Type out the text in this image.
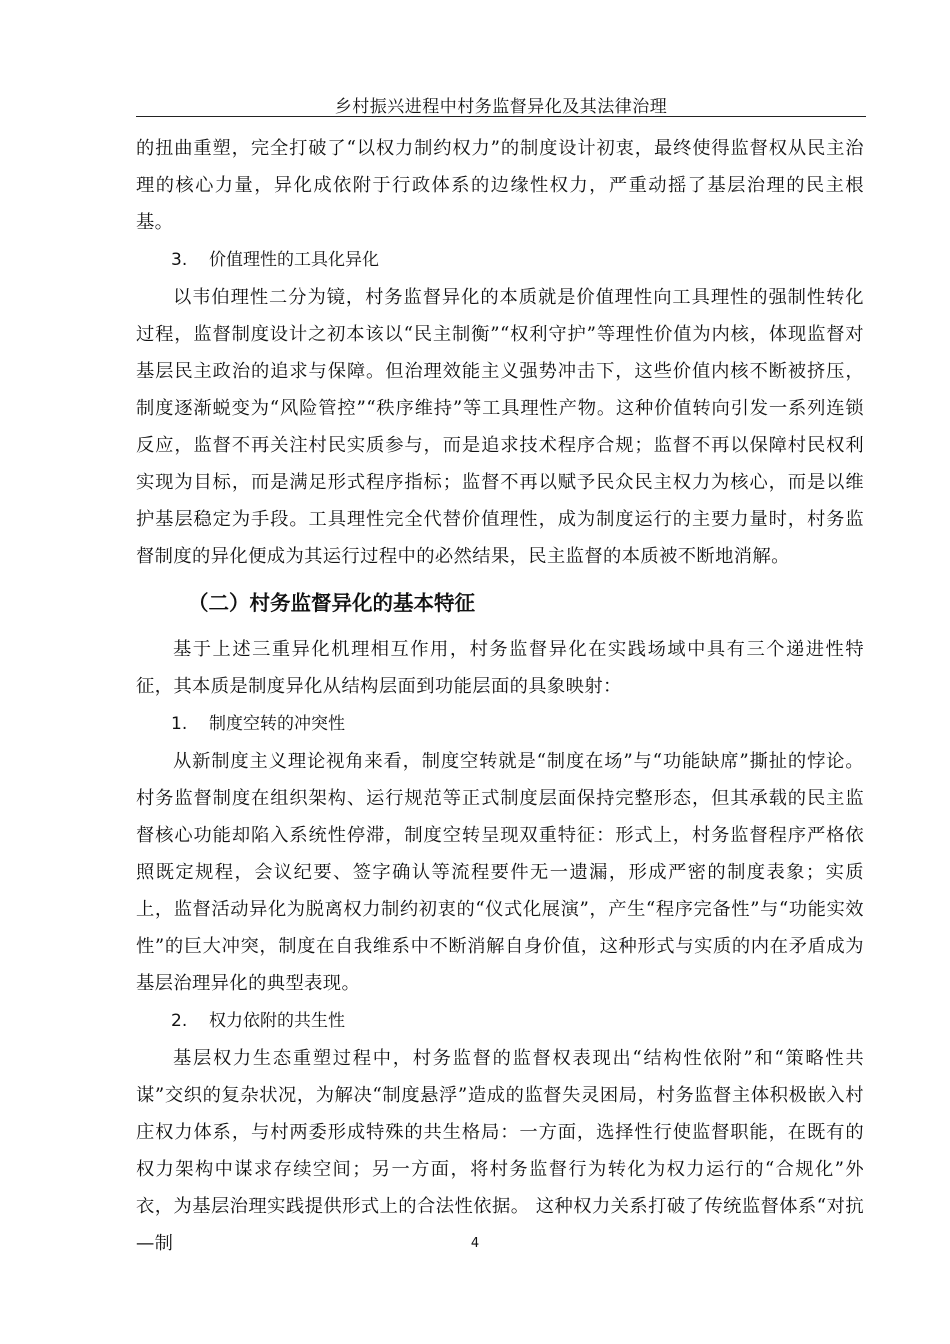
乡村振兴进程中村务监督异化及其法律治理

的扭曲重塑，完全打破了“以权力制约权力”的制度设计初衷，最终使得监督权从民主治理的核心力量，异化成依附于行政体系的边缘性权力，严重动摇了基层治理的民主根基。

3. 价值理性的工具化异化

以韦伯理性二分为镜，村务监督异化的本质就是价值理性向工具理性的强制性转化过程，监督制度设计之初本该以“民主制衡”“权利守护”等理性价值为内核，体现监督对基层民主政治的追求与保障。但治理效能主义强势冲击下，这些价值内核不断被挤压，制度逐渐蜕变为“风险管控”“秩序维持”等工具理性产物。这种价值转向引发一系列连锁反应，监督不再关注村民实质参与，而是追求技术程序合规；监督不再以保障村民权利实现为目标，而是满足形式程序指标；监督不再以赋予民众民主权力为核心，而是以维护基层稳定为手段。工具理性完全代替价值理性，成为制度运行的主要力量时，村务监督制度的异化便成为其运行过程中的必然结果，民主监督的本质被不断地消解。

（二）村务监督异化的基本特征

基于上述三重异化机理相互作用，村务监督异化在实践场域中具有三个递进性特征，其本质是制度异化从结构层面到功能层面的具象映射：

1. 制度空转的冲突性

从新制度主义理论视角来看，制度空转就是“制度在场”与“功能缺席”撕扯的悖论。村务监督制度在组织架构、运行规范等正式制度层面保持完整形态，但其承载的民主监督核心功能却陷入系统性停滞，制度空转呈现双重特征：形式上，村务监督程序严格依照既定规程，会议纪要、签字确认等流程要件无一遗漏，形成严密的制度表象；实质上，监督活动异化为脱离权力制约初衷的“仪式化展演”，产生“程序完备性”与“功能实效性”的巨大冲突，制度在自我维系中不断消解自身价值，这种形式与实质的内在矛盾成为基层治理异化的典型表现。

2. 权力依附的共生性

基层权力生态重塑过程中，村务监督的监督权表现出“结构性依附”和“策略性共谋”交织的复杂状况，为解决“制度悬浮”造成的监督失灵困局，村务监督主体积极嵌入村庄权力体系，与村两委形成特殊的共生格局：一方面，选择性行使监督职能，在既有的权力架构中谋求存续空间；另一方面，将村务监督行为转化为权力运行的“合规化”外衣，为基层治理实践提供形式上的合法性依据。 这种权力关系打破了传统监督体系“对抗—制	4
